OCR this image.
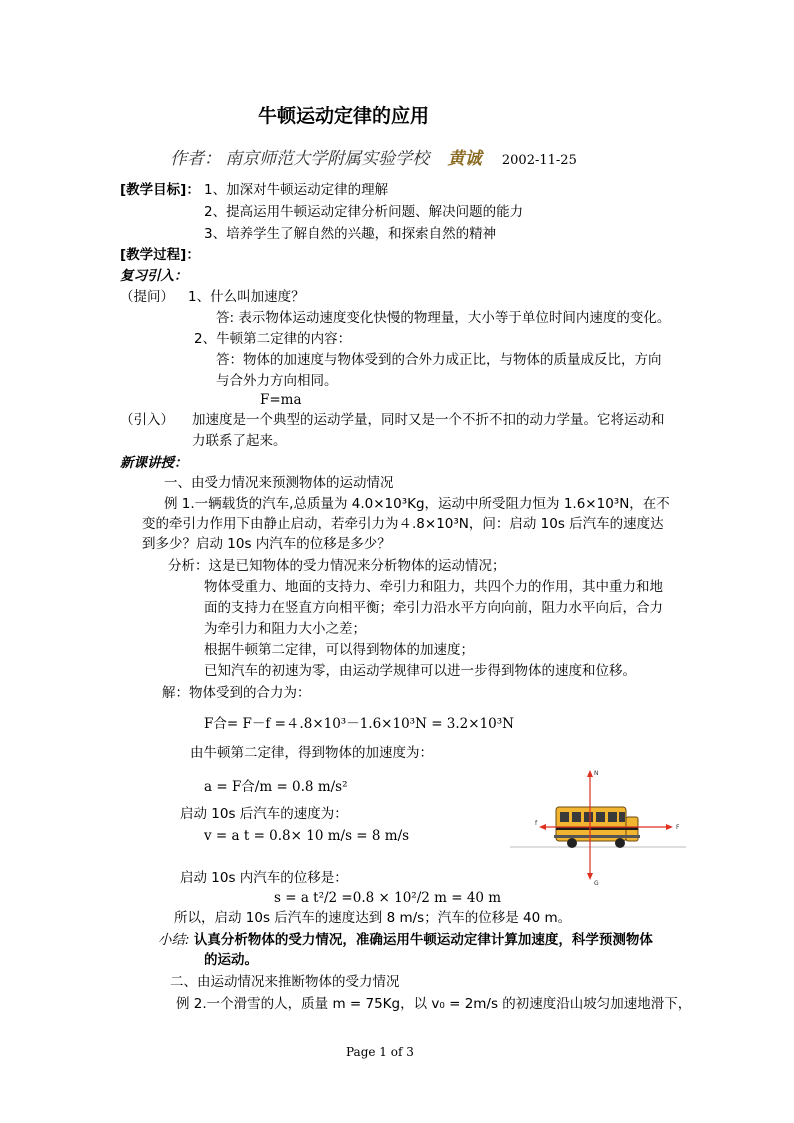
牛顿运动定律的应用
作者： 南京师范大学附属实验学校 黄诚 2002-11-25
[教学目标]： 1、加深对牛顿运动定律的理解
2、提高运用牛顿运动定律分析问题、解决问题的能力
3、培养学生了解自然的兴趣，和探索自然的精神
[教学过程]：
复习引入：
（提问） 1、什么叫加速度？
答: 表示物体运动速度变化快慢的物理量，大小等于单位时间内速度的变化。
2、牛顿第二定律的内容：
答：物体的加速度与物体受到的合外力成正比，与物体的质量成反比，方向
与合外力方向相同。
F=ma
（引入） 加速度是一个典型的运动学量，同时又是一个不折不扣的动力学量。它将运动和
力联系了起来。
新课讲授：
一、由受力情况来预测物体的运动情况
例 1.一辆载货的汽车,总质量为 4.0×10³Kg，运动中所受阻力恒为 1.6×10³N，在不
变的牵引力作用下由静止启动，若牵引力为４.8×10³N，问：启动 10s 后汽车的速度达
到多少？启动 10s 内汽车的位移是多少？
分析：这是已知物体的受力情况来分析物体的运动情况；
物体受重力、地面的支持力、牵引力和阻力，共四个力的作用，其中重力和地
面的支持力在竖直方向相平衡；牵引力沿水平方向向前，阻力水平向后，合力
为牵引力和阻力大小之差；
根据牛顿第二定律，可以得到物体的加速度；
已知汽车的初速为零，由运动学规律可以进一步得到物体的速度和位移。
解：物体受到的合力为：
F合= F－f =４.8×10³－1.6×10³N = 3.2×10³N
由牛顿第二定律，得到物体的加速度为：
a = F合/m = 0.8 m/s²
启动 10s 后汽车的速度为：
v = a t = 0.8× 10 m/s = 8 m/s
启动 10s 内汽车的位移是：
s = a t²/2 =0.8 × 10²/2 m = 40 m
所以，启动 10s 后汽车的速度达到 8 m/s；汽车的位移是 40 m。
小结: 认真分析物体的受力情况，准确运用牛顿运动定律计算加速度，科学预测物体
的运动。
二、由运动情况来推断物体的受力情况
例 2.一个滑雪的人，质量 m = 75Kg，以 v₀ = 2m/s 的初速度沿山坡匀加速地滑下，
N
G
f
F
Page 1 of 3
